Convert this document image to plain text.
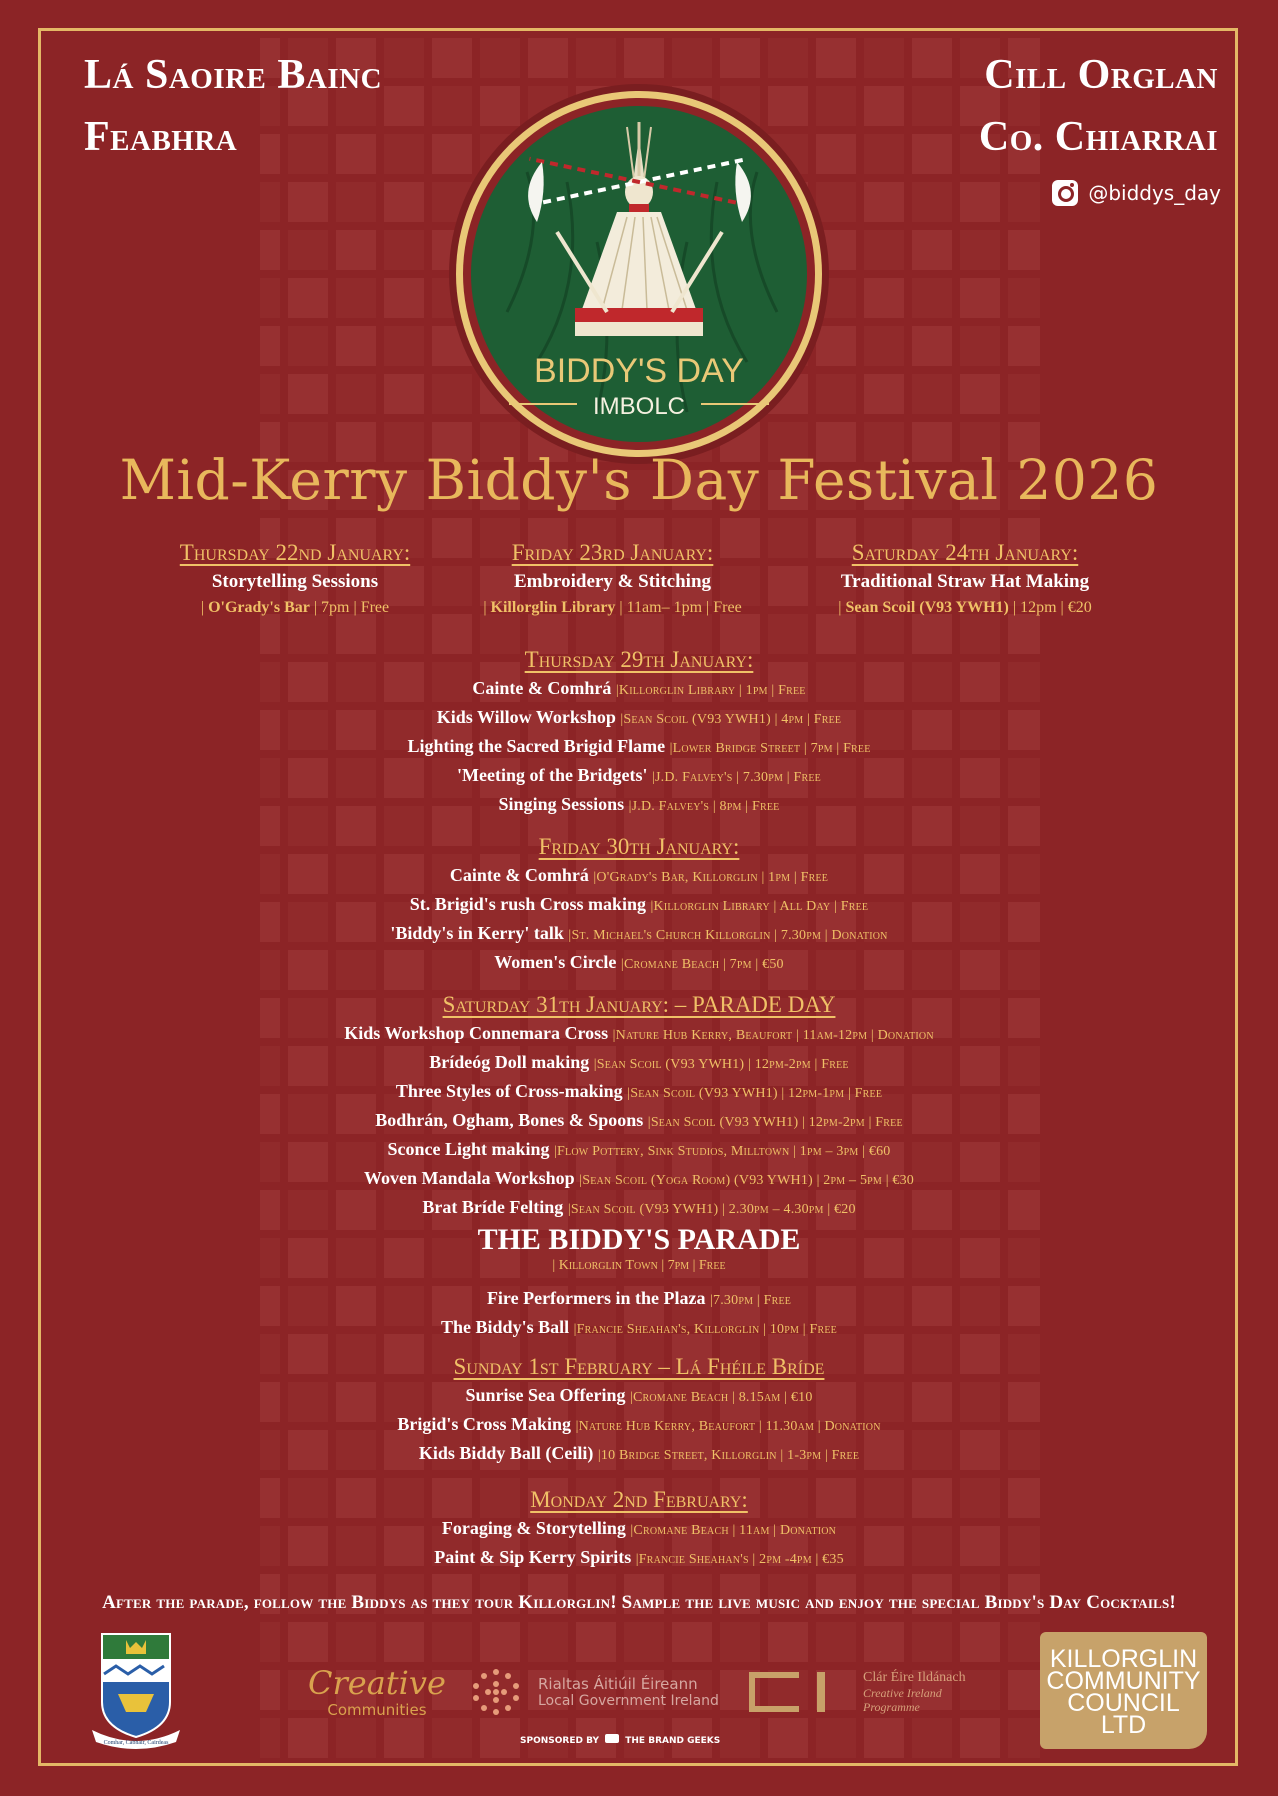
Lá Saoire Bainc
Feabhra
Cill Orglan
Co. Chiarrai
@biddys_day
BIDDY'S DAY
IMBOLC
Mid-Kerry Biddy's Day Festival 2026
Thursday 22nd January:
Storytelling Sessions
| O'Grady's Bar | 7pm | Free
Friday 23rd January:
Embroidery & Stitching
| Killorglin Library | 11am– 1pm | Free
Saturday 24th January:
Traditional Straw Hat Making
| Sean Scoil (V93 YWH1) | 12pm | €20
Thursday 29th January:
Cainte & Comhrá |Killorglin Library | 1pm | Free
Kids Willow Workshop |Sean Scoil (V93 YWH1) | 4pm | Free
Lighting the Sacred Brigid Flame |Lower Bridge Street | 7pm | Free
'Meeting of the Bridgets' |J.D. Falvey's | 7.30pm | Free
Singing Sessions |J.D. Falvey's | 8pm | Free
Friday 30th January:
Cainte & Comhrá |O'Grady's Bar, Killorglin | 1pm | Free
St. Brigid's rush Cross making |Killorglin Library | All Day | Free
'Biddy's in Kerry' talk |St. Michael's Church Killorglin | 7.30pm | Donation
Women's Circle |Cromane Beach | 7pm | €50
Saturday 31th January: – PARADE DAY
Kids Workshop Connemara Cross |Nature Hub Kerry, Beaufort | 11am-12pm | Donation
Brídeóg Doll making |Sean Scoil (V93 YWH1) | 12pm-2pm | Free
Three Styles of Cross-making |Sean Scoil (V93 YWH1) | 12pm-1pm | Free
Bodhrán, Ogham, Bones & Spoons |Sean Scoil (V93 YWH1) | 12pm-2pm | Free
Sconce Light making |Flow Pottery, Sink Studios, Milltown | 1pm – 3pm | €60
Woven Mandala Workshop |Sean Scoil (Yoga Room) (V93 YWH1) | 2pm – 5pm | €30
Brat Bríde Felting |Sean Scoil (V93 YWH1) | 2.30pm – 4.30pm | €20
THE BIDDY'S PARADE
| Killorglin Town | 7pm | Free
Fire Performers in the Plaza |7.30pm | Free
The Biddy's Ball |Francie Sheahan's, Killorglin | 10pm | Free
Sunday 1st February – Lá Fhéile Bríde
Sunrise Sea Offering |Cromane Beach | 8.15am | €10
Brigid's Cross Making |Nature Hub Kerry, Beaufort | 11.30am | Donation
Kids Biddy Ball (Ceili) |10 Bridge Street, Killorglin | 1-3pm | Free
Monday 2nd February:
Foraging & Storytelling |Cromane Beach | 11am | Donation
Paint & Sip Kerry Spirits |Francie Sheahan's | 2pm -4pm | €35
After the parade, follow the Biddys as they tour Killorglin! Sample the live music and enjoy the special Biddy's Day Cocktails!
Comhar, Cabhair, Cairdeas
Creative
Communities
Rialtas Áitiúil Éireann
Local Government Ireland
Clár Éire Ildánach
Creative Ireland
Programme
KILLORGLIN
COMMUNITY
COUNCIL LTD
SPONSORED BY	THE BRAND GEEKS
